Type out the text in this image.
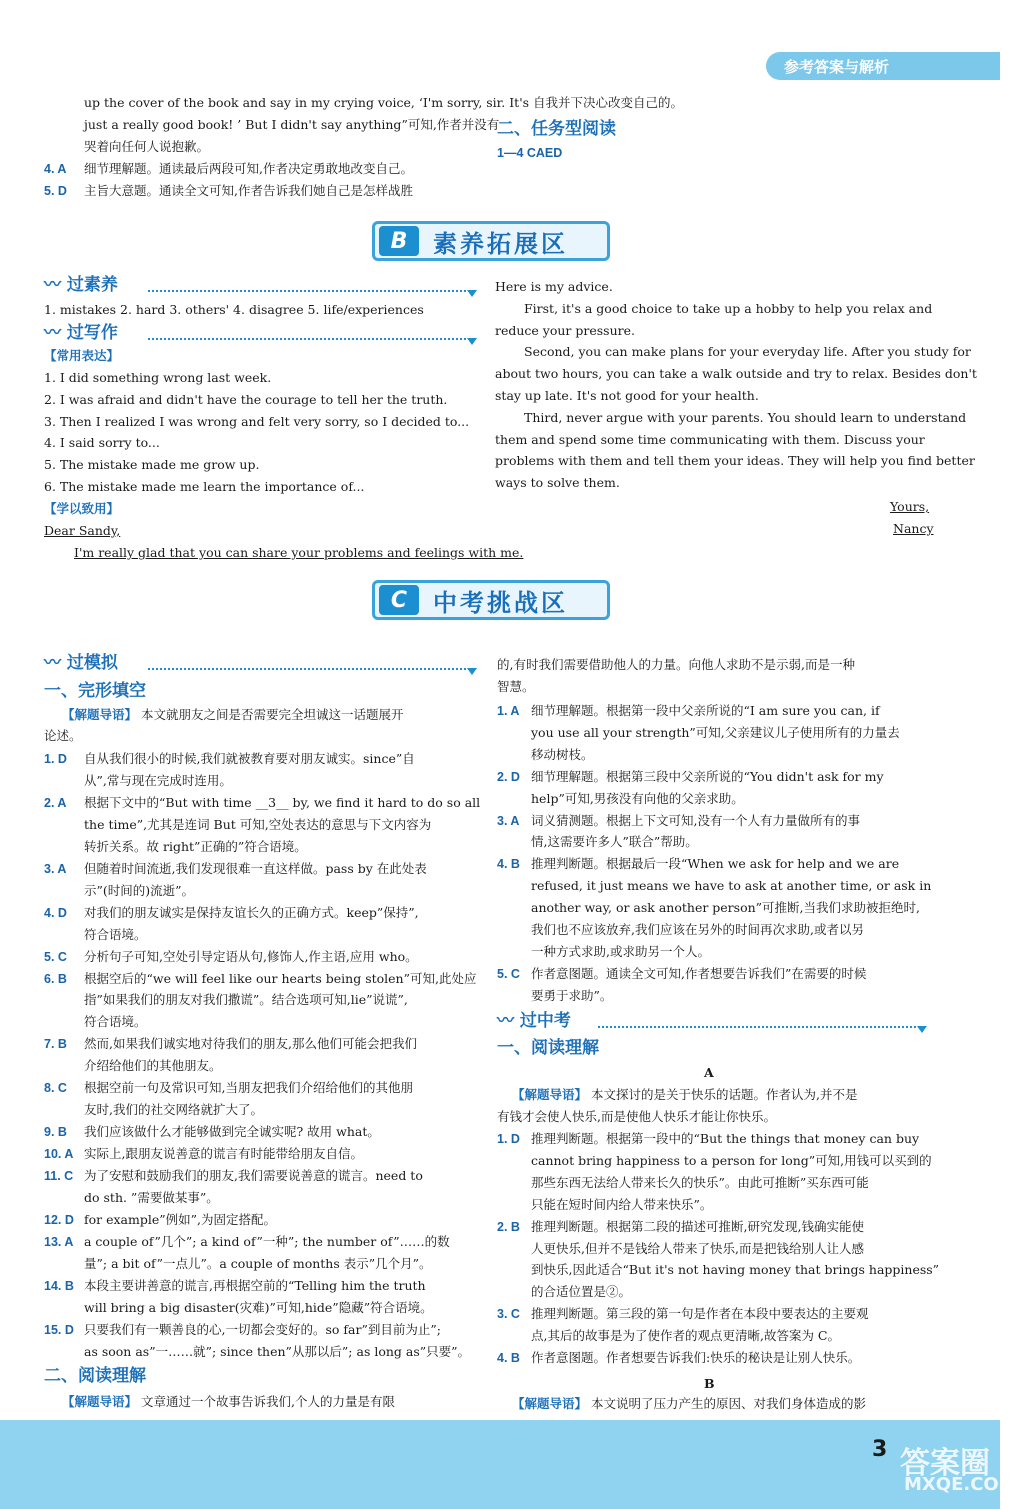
参考答案与解析
up the cover of the book and say in my crying voice, ‘I'm sorry, sir. It's
just a really good book! ’ But I didn't say anything”可知,作者并没有
哭着向任何人说抱歉。
4. A 细节理解题。通读最后两段可知,作者决定勇敢地改变自己。
5. D 主旨大意题。通读全文可知,作者告诉我们她自己是怎样战胜
自我并下决心改变自己的。
二、任务型阅读
1—4 CAED
B	素养拓展区
〰 过素养
1. mistakes 2. hard 3. others' 4. disagree 5. life/experiences
〰 过写作
【常用表达】
1. I did something wrong last week.
2. I was afraid and didn't have the courage to tell her the truth.
3. Then I realized I was wrong and felt very sorry, so I decided to...
4. I said sorry to...
5. The mistake made me grow up.
6. The mistake made me learn the importance of...
【学以致用】
Dear Sandy,
I'm really glad that you can share your problems and feelings with me.
Here is my advice.
First, it's a good choice to take up a hobby to help you relax and
reduce your pressure.
Second, you can make plans for your everyday life. After you study for
about two hours, you can take a walk outside and try to relax. Besides don't
stay up late. It's not good for your health.
Third, never argue with your parents. You should learn to understand
them and spend some time communicating with them. Discuss your
problems with them and tell them your ideas. They will help you find better
ways to solve them.
Yours,
Nancy
C	中考挑战区
〰 过模拟
一、完形填空
【解题导语】 本文就朋友之间是否需要完全坦诚这一话题展开
论述。
1. D 自从我们很小的时候,我们就被教育要对朋友诚实。since”自
从”,常与现在完成时连用。
2. A 根据下文中的“But with time __3__ by, we find it hard to do so all
the time”,尤其是连词 But 可知,空处表达的意思与下文内容为
转折关系。故 right”正确的”符合语境。
3. A 但随着时间流逝,我们发现很难一直这样做。pass by 在此处表
示”(时间的)流逝”。
4. D 对我们的朋友诚实是保持友谊长久的正确方式。keep”保持”,
符合语境。
5. C 分析句子可知,空处引导定语从句,修饰人,作主语,应用 who。
6. B 根据空后的“we will feel like our hearts being stolen”可知,此处应
指”如果我们的朋友对我们撒谎”。结合选项可知,lie”说谎”,
符合语境。
7. B 然而,如果我们诚实地对待我们的朋友,那么他们可能会把我们
介绍给他们的其他朋友。
8. C 根据空前一句及常识可知,当朋友把我们介绍给他们的其他朋
友时,我们的社交网络就扩大了。
9. B 我们应该做什么才能够做到完全诚实呢? 故用 what。
10. A 实际上,跟朋友说善意的谎言有时能带给朋友自信。
11. C 为了安慰和鼓励我们的朋友,我们需要说善意的谎言。need to
do sth. ”需要做某事”。
12. D for example”例如”,为固定搭配。
13. A a couple of”几个”; a kind of”一种”; the number of”……的数
量”; a bit of”一点儿”。a couple of months 表示”几个月”。
14. B 本段主要讲善意的谎言,再根据空前的“Telling him the truth
will bring a big disaster(灾难)”可知,hide”隐藏”符合语境。
15. D 只要我们有一颗善良的心,一切都会变好的。so far”到目前为止”;
as soon as”一……就”; since then”从那以后”; as long as”只要”。
二、阅读理解
【解题导语】 文章通过一个故事告诉我们,个人的力量是有限
的,有时我们需要借助他人的力量。向他人求助不是示弱,而是一种
智慧。
1. A 细节理解题。根据第一段中父亲所说的“I am sure you can, if
you use all your strength”可知,父亲建议儿子使用所有的力量去
移动树枝。
2. D 细节理解题。根据第三段中父亲所说的“You didn't ask for my
help”可知,男孩没有向他的父亲求助。
3. A 词义猜测题。根据上下文可知,没有一个人有力量做所有的事
情,这需要许多人”联合”帮助。
4. B 推理判断题。根据最后一段“When we ask for help and we are
refused, it just means we have to ask at another time, or ask in
another way, or ask another person”可推断,当我们求助被拒绝时,
我们也不应该放弃,我们应该在另外的时间再次求助,或者以另
一种方式求助,或求助另一个人。
5. C 作者意图题。通读全文可知,作者想要告诉我们”在需要的时候
要勇于求助”。
〰 过中考
一、阅读理解
A
【解题导语】 本文探讨的是关于快乐的话题。作者认为,并不是
有钱才会使人快乐,而是使他人快乐才能让你快乐。
1. D 推理判断题。根据第一段中的“But the things that money can buy
cannot bring happiness to a person for long”可知,用钱可以买到的
那些东西无法给人带来长久的快乐”。由此可推断”买东西可能
只能在短时间内给人带来快乐”。
2. B 推理判断题。根据第二段的描述可推断,研究发现,钱确实能使
人更快乐,但并不是钱给人带来了快乐,而是把钱给别人让人感
到快乐,因此适合“But it's not having money that brings happiness”
的合适位置是②。
3. C 推理判断题。第三段的第一句是作者在本段中要表达的主要观
点,其后的故事是为了使作者的观点更清晰,故答案为 C。
4. B 作者意图题。作者想要告诉我们:快乐的秘诀是让别人快乐。
B
【解题导语】 本文说明了压力产生的原因、对我们身体造成的影
3 答案圈
MXQE.COM
